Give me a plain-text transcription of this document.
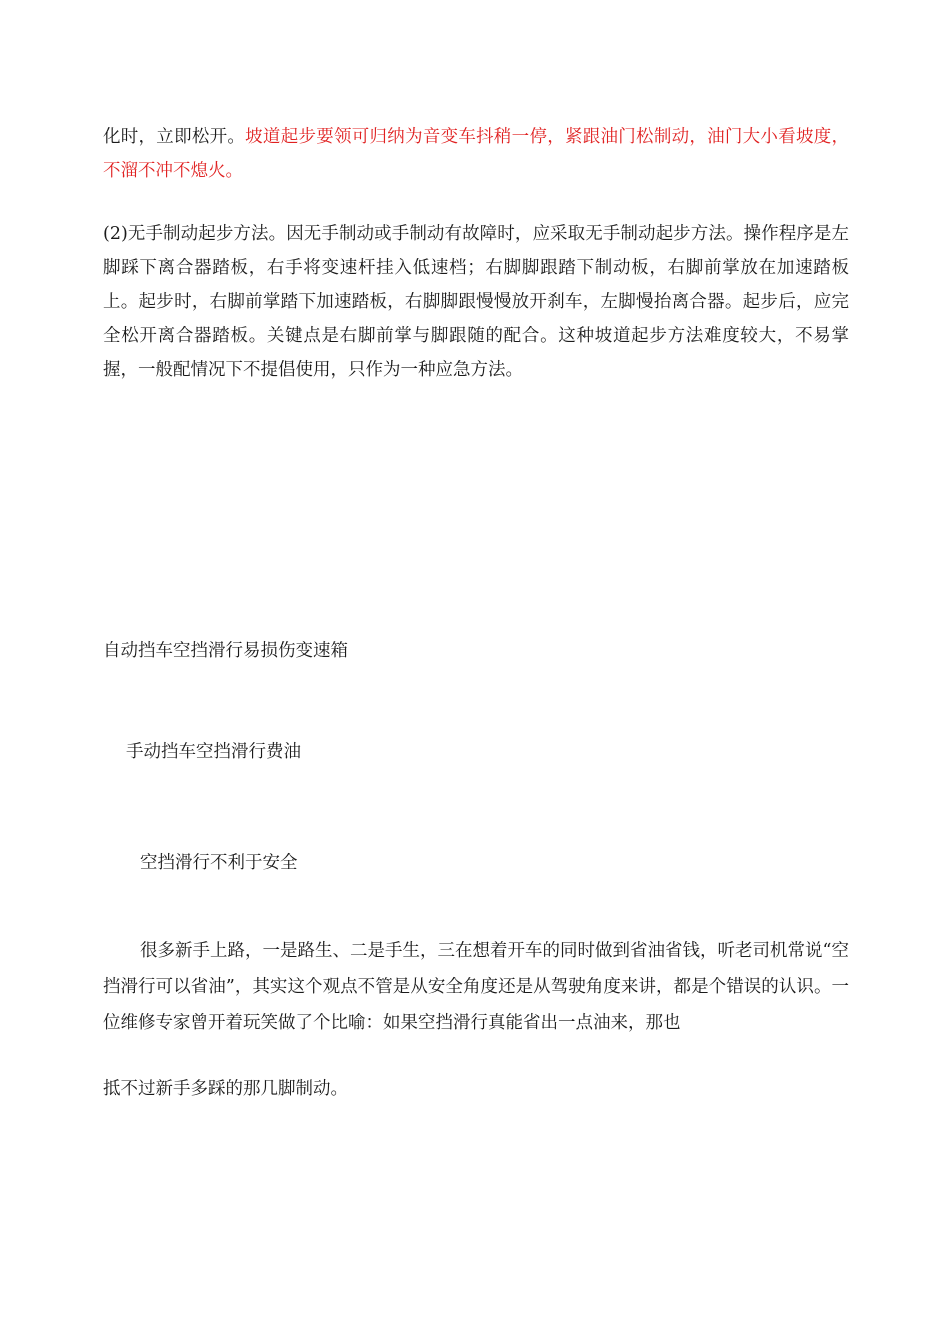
化时，立即松开。坡道起步要领可归纳为音变车抖稍一停，紧跟油门松制动，油门大小看坡度，不溜不冲不熄火。

(2)无手制动起步方法。因无手制动或手制动有故障时，应采取无手制动起步方法。操作程序是左脚踩下离合器踏板，右手将变速杆挂入低速档；右脚脚跟踏下制动板，右脚前掌放在加速踏板上。起步时，右脚前掌踏下加速踏板，右脚脚跟慢慢放开刹车，左脚慢抬离合器。起步后，应完全松开离合器踏板。关键点是右脚前掌与脚跟随的配合。这种坡道起步方法难度较大，不易掌握，一般配情况下不提倡使用，只作为一种应急方法。

自动挡车空挡滑行易损伤变速箱

手动挡车空挡滑行费油

空挡滑行不利于安全

很多新手上路，一是路生、二是手生，三在想着开车的同时做到省油省钱，听老司机常说“空挡滑行可以省油”，其实这个观点不管是从安全角度还是从驾驶角度来讲，都是个错误的认识。一位维修专家曾开着玩笑做了个比喻：如果空挡滑行真能省出一点油来，那也

抵不过新手多踩的那几脚制动。
